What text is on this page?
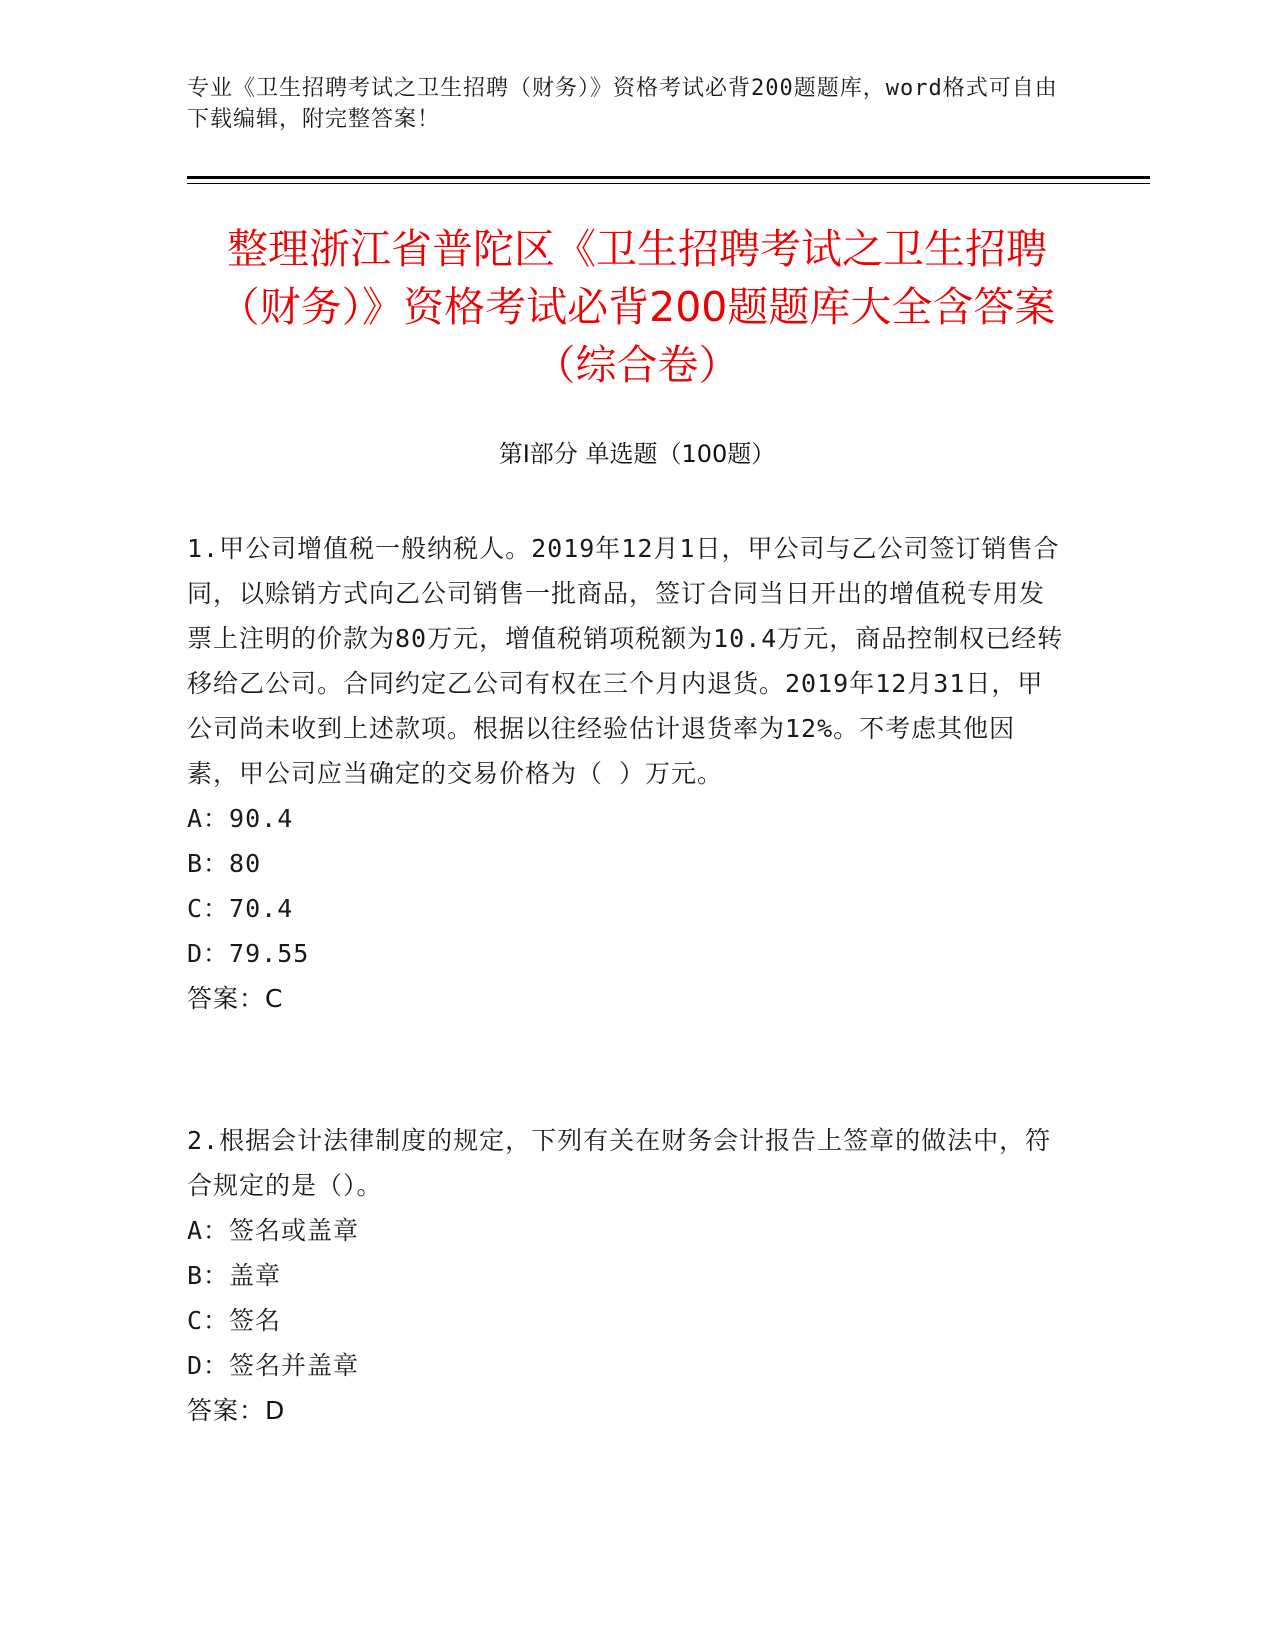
专业《卫生招聘考试之卫生招聘（财务）》资格考试必背200题题库，word格式可自由下载编辑，附完整答案！
整理浙江省普陀区《卫生招聘考试之卫生招聘（财务）》资格考试必背200题题库大全含答案（综合卷）
第I部分 单选题（100题）

1.甲公司增值税一般纳税人。2019年12月1日，甲公司与乙公司签订销售合同，以赊销方式向乙公司销售一批商品，签订合同当日开出的增值税专用发票上注明的价款为80万元，增值税销项税额为10.4万元，商品控制权已经转移给乙公司。合同约定乙公司有权在三个月内退货。2019年12月31日，甲公司尚未收到上述款项。根据以往经验估计退货率为12%。不考虑其他因素，甲公司应当确定的交易价格为（ ）万元。

A：90.4

B：80

C：70.4

D：79.55

答案：C

2.根据会计法律制度的规定，下列有关在财务会计报告上签章的做法中，符合规定的是（）。

A：签名或盖章

B：盖章

C：签名

D：签名并盖章

答案：D
